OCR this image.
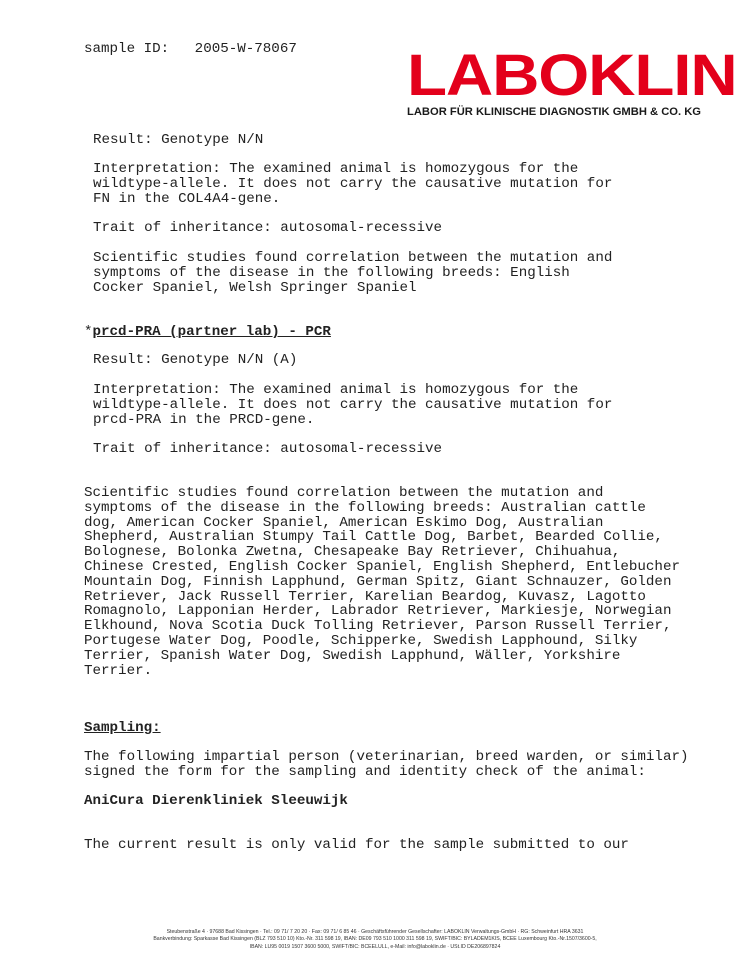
sample ID:   2005-W-78067 LABOKLIN
LABOR FÜR KLINISCHE DIAGNOSTIK GMBH & CO. KG
Result: Genotype N/N
Interpretation: The examined animal is homozygous for the
wildtype-allele. It does not carry the causative mutation for
FN in the COL4A4-gene.
Trait of inheritance: autosomal-recessive
Scientific studies found correlation between the mutation and
symptoms of the disease in the following breeds: English
Cocker Spaniel, Welsh Springer Spaniel
*prcd-PRA (partner lab) - PCR
Result: Genotype N/N (A)
Interpretation: The examined animal is homozygous for the
wildtype-allele. It does not carry the causative mutation for
prcd-PRA in the PRCD-gene.
Trait of inheritance: autosomal-recessive
Scientific studies found correlation between the mutation and
symptoms of the disease in the following breeds: Australian cattle
dog, American Cocker Spaniel, American Eskimo Dog, Australian
Shepherd, Australian Stumpy Tail Cattle Dog, Barbet, Bearded Collie,
Bolognese, Bolonka Zwetna, Chesapeake Bay Retriever, Chihuahua,
Chinese Crested, English Cocker Spaniel, English Shepherd, Entlebucher
Mountain Dog, Finnish Lapphund, German Spitz, Giant Schnauzer, Golden
Retriever, Jack Russell Terrier, Karelian Beardog, Kuvasz, Lagotto
Romagnolo, Lapponian Herder, Labrador Retriever, Markiesje, Norwegian
Elkhound, Nova Scotia Duck Tolling Retriever, Parson Russell Terrier,
Portugese Water Dog, Poodle, Schipperke, Swedish Lapphound, Silky
Terrier, Spanish Water Dog, Swedish Lapphund, Wäller, Yorkshire
Terrier.
Sampling:
The following impartial person (veterinarian, breed warden, or similar)
signed the form for the sampling and identity check of the animal:
AniCura Dierenkliniek Sleeuwijk
The current result is only valid for the sample submitted to our
Steubenstraße 4 · 97688 Bad Kissingen · Tel.: 09 71/ 7 20 20 · Fax: 09 71/ 6 85 46 · Geschäftsführender Gesellschafter: LABOKLIN Verwaltungs-GmbH · RG: Schweinfurt HRA 3631
Bankverbindung: Sparkasse Bad Kissingen (BLZ 793 510 10) Kto.-Nr. 311 598 19, IBAN: DE09 793 510 1000 311 598 19, SWIFT/BIC: BYLADEM1KIS, BCEE Luxembourg Kto.-Nr.1507/3600-5,
IBAN: LU95 0019 1507 3600 5000, SWIFT/BIC: BCEELULL, e-Mail: info@laboklin.de · USt.ID DE206897824
